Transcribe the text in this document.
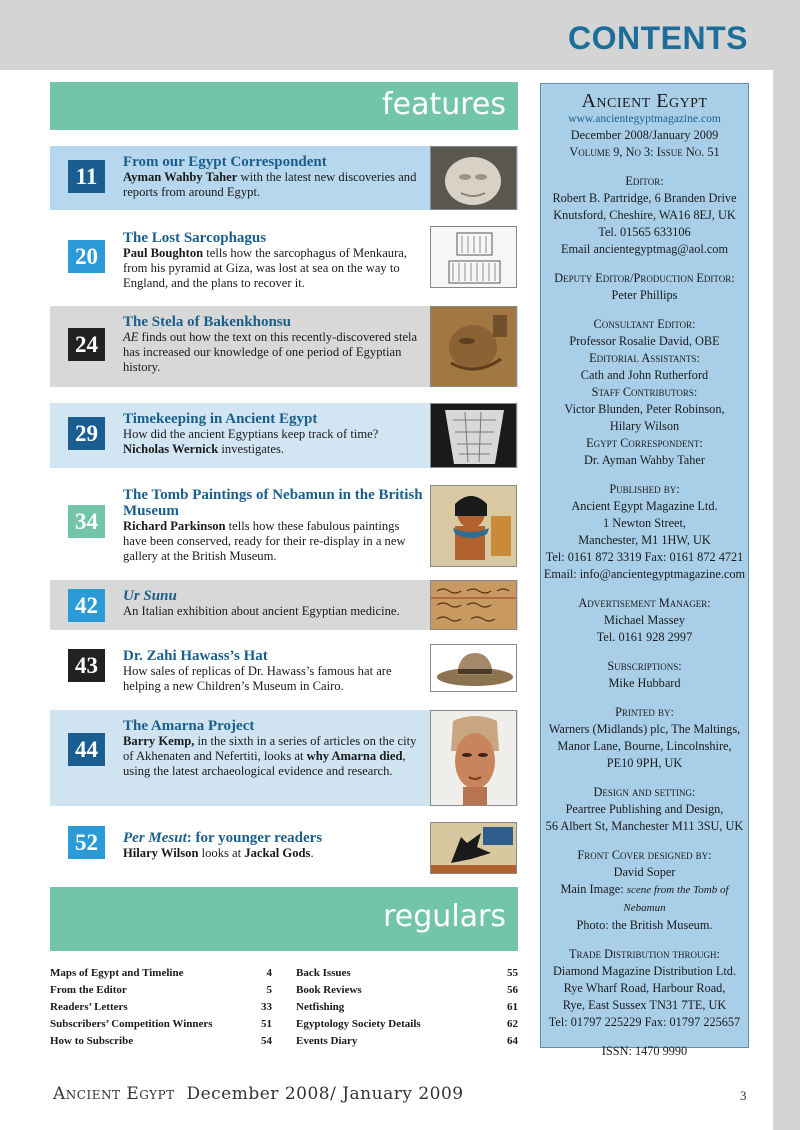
CONTENTS
features
11
From our Egypt Correspondent
Ayman Wahby Taher with the latest new discoveries and reports from around Egypt.
20
The Lost Sarcophagus
Paul Boughton tells how the sarcophagus of Menkaura, from his pyramid at Giza, was lost at sea on the way to England, and the plans to recover it.
24
The Stela of Bakenkhonsu
AE finds out how the text on this recently-discovered stela has increased our knowledge of one period of Egyptian history.
29
Timekeeping in Ancient Egypt
How did the ancient Egyptians keep track of time? Nicholas Wernick investigates.
34
The Tomb Paintings of Nebamun in the British Museum
Richard Parkinson tells how these fabulous paintings have been conserved, ready for their re-display in a new gallery at the British Museum.
42	Ur Sunu
An Italian exhibition about ancient Egyptian medicine.
43	Dr. Zahi Hawass’s Hat
How sales of replicas of Dr. Hawass’s famous hat are helping a new Children’s Museum in Cairo.
44
The Amarna Project
Barry Kemp, in the sixth in a series of articles on the city of Akhenaten and Nefertiti, looks at why Amarna died, using the latest archaeological evidence and research.
52	Per Mesut: for younger readers
Hilary Wilson looks at Jackal Gods.
regulars
Maps of Egypt and Timeline	4
From the Editor	5
Readers’ Letters	33
Subscribers’ Competition Winners	51
How to Subscribe	54
Back Issues	55
Book Reviews	56
Netfishing	61
Egyptology Society Details	62
Events Diary	64
Ancient Egypt
www.ancientegyptmagazine.com
December 2008/January 2009
Volume 9, No 3: Issue No. 51
Editor:
Robert B. Partridge, 6 Branden Drive
Knutsford, Cheshire, WA16 8EJ, UK
Tel. 01565 633106
Email ancientegyptmag@aol.com
Deputy Editor/Production Editor:
Peter Phillips
Consultant Editor:
Professor Rosalie David, OBE
Editorial Assistants:
Cath and John Rutherford
Staff Contributors:
Victor Blunden, Peter Robinson,
Hilary Wilson
Egypt Correspondent:
Dr. Ayman Wahby Taher
Published by:
Ancient Egypt Magazine Ltd.
1 Newton Street,
Manchester, M1 1HW, UK
Tel: 0161 872 3319 Fax: 0161 872 4721
Email: info@ancientegyptmagazine.com
Advertisement Manager:
Michael Massey
Tel. 0161 928 2997
Subscriptions:
Mike Hubbard
Printed by:
Warners (Midlands) plc, The Maltings,
Manor Lane, Bourne, Lincolnshire,
PE10 9PH, UK
Design and setting:
Peartree Publishing and Design,
56 Albert St, Manchester M11 3SU, UK
Front Cover designed by:
David Soper
Main Image: scene from the Tomb of Nebamun
Photo: the British Museum.
Trade Distribution through:
Diamond Magazine Distribution Ltd.
Rye Wharf Road, Harbour Road,
Rye, East Sussex TN31 7TE, UK
Tel: 01797 225229 Fax: 01797 225657
ISSN: 1470 9990
Ancient Egypt December 2008/ January 2009	3
